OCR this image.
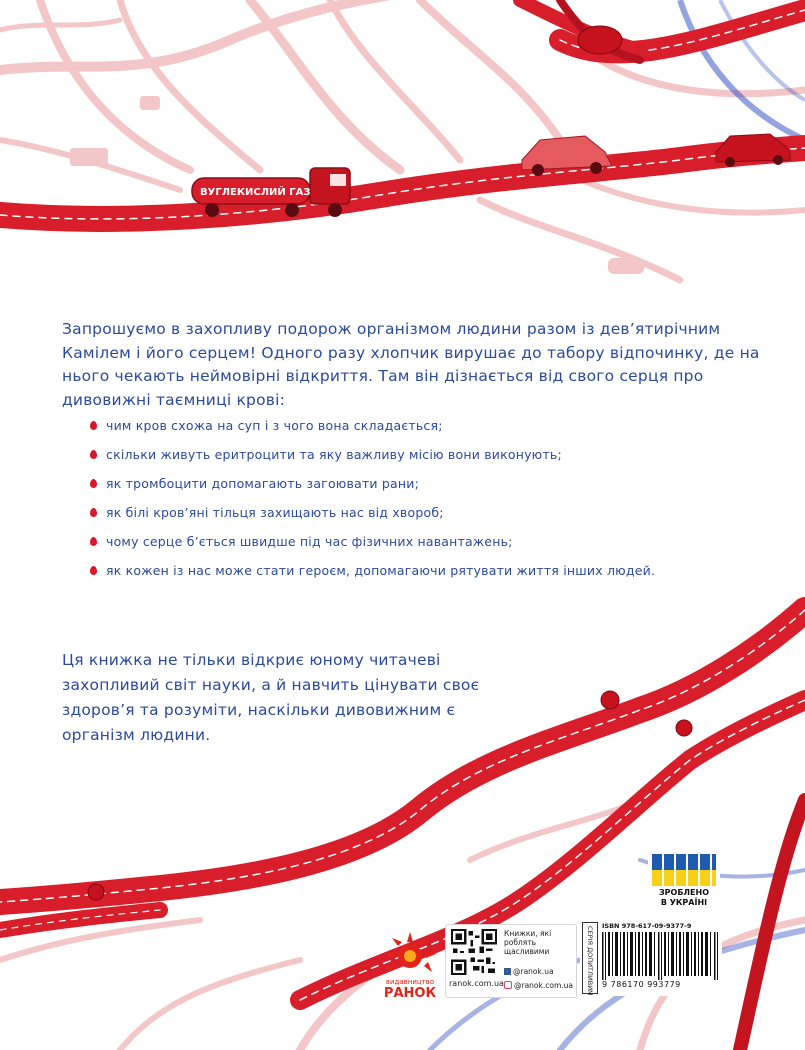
ВУГЛЕКИСЛИЙ ГАЗ

Запрошуємо в захопливу подорож організмом людини разом із дев’ятирічним Камілем і його серцем! Одного разу хлопчик вирушає до табору відпочинку, де на нього чекають неймовірні відкриття. Там він дізнається від свого серця про дивовижні таємниці крові:

чим кров схожа на суп і з чого вона складається;
скільки живуть еритроцити та яку важливу місію вони виконують;
як тромбоцити допомагають загоювати рани;
як білі кров’яні тільця захищають нас від хвороб;
чому серце б’ється швидше під час фізичних навантажень;
як кожен із нас може стати героєм, допомагаючи рятувати життя інших людей.

Ця книжка не тільки відкриє юному читачеві захопливий світ науки, а й навчить цінувати своє здоров’я та розуміти, наскільки дивовижним є організм людини.

ЗРОБЛЕНО
В УКРАЇНІ
видавництво
РАНОК
ranok.com.ua
Книжки, які роблять щасливими
@ranok.ua
@ranok.com.ua СЕРІЯ ДОПИТЛИВИМ ISBN 978-617-09-9377-9
9 786170 993779
